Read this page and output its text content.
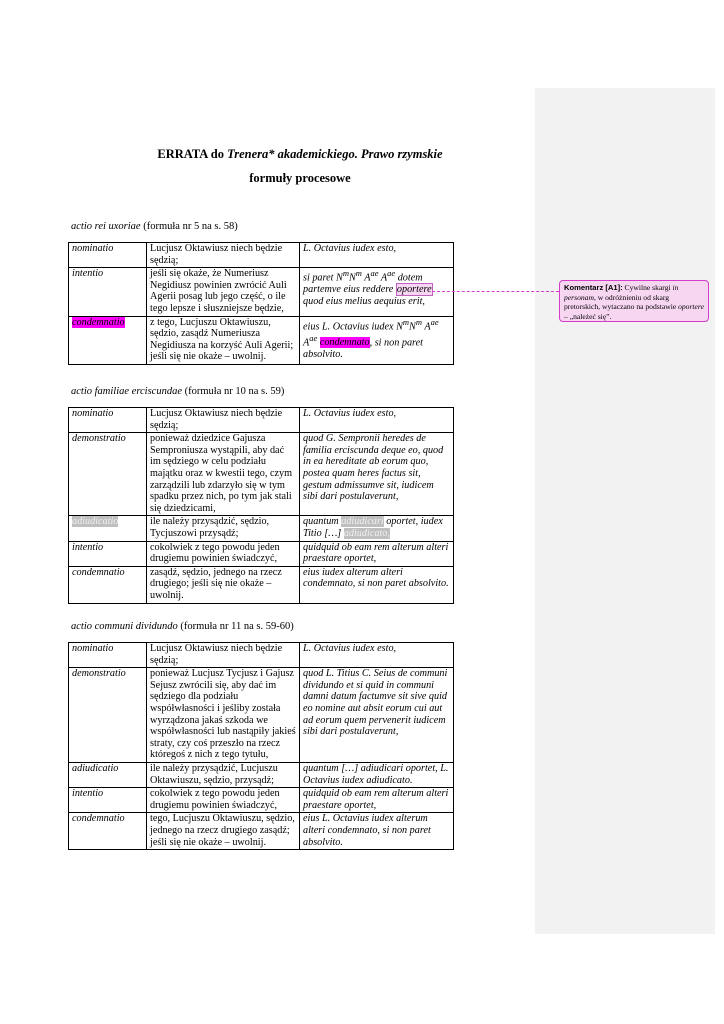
ERRATA do Trenera* akademickiego. Prawo rzymskie
formuły procesowe
actio rei uxoriae (formuła nr 5 na s. 58)
nominatio	Lucjusz Oktawiusz niech będzie sędzią;	L. Octavius iudex esto,
intentio	jeśli się okaże, że Numeriusz Negidiusz powinien zwrócić Auli Agerii posag lub jego część, o ile tego lepsze i słuszniejsze będzie,	si paret $N^mN^m$ $A^{ae}$ $A^{ae}$ dotem partemve eius reddere oportere quod eius melius aequius erit,
condemnatio	z tego, Lucjuszu Oktawiuszu, sędzio, zasądź Numeriusza Negidiusza na korzyść Auli Agerii; jeśli się nie okaże – uwolnij.	eius L. Octavius iudex $N^mN^m$ $A^{ae}$ $A^{ae}$ condemnato, si non paret absolvito.
actio familiae erciscundae (formuła nr 10 na s. 59)
nominatio	Lucjusz Oktawiusz niech będzie sędzią;	L. Octavius iudex esto,
demonstratio	ponieważ dziedzice Gajusza Semproniusza wystąpili, aby dać im sędziego w celu podziału majątku oraz w kwestii tego, czym zarządzili lub zdarzyło się w tym spadku przez nich, po tym jak stali się dziedzicami,	quod G. Sempronii heredes de familia erciscunda deque eo, quod in ea hereditate ab eorum quo, postea quam heres factus sit, gestum admissumve sit, iudicem sibi dari postulaverunt,
adiudicatio	ile należy przysądzić, sędzio, Tycjuszowi przysądź;	quantum adiudicari oportet, iudex Titio […] adiudicato,
intentio	cokolwiek z tego powodu jeden drugiemu powinien świadczyć,	quidquid ob eam rem alterum alteri praestare oportet,
condemnatio	zasądź, sędzio, jednego na rzecz drugiego; jeśli się nie okaże – uwolnij.	eius iudex alterum alteri condemnato, si non paret absolvito.
actio communi dividundo (formuła nr 11 na s. 59-60)
nominatio	Lucjusz Oktawiusz niech będzie sędzią;	L. Octavius iudex esto,
demonstratio	ponieważ Lucjusz Tycjusz i Gajusz Sejusz zwrócili się, aby dać im sędziego dla podziału współwłasności i jeśliby została wyrządzona jakaś szkoda we współwłasności lub nastąpiły jakieś straty, czy coś przeszło na rzecz któregoś z nich z tego tytułu,	quod L. Titius C. Seius de communi dividundo et si quid in communi damni datum factumve sit sive quid eo nomine aut absit eorum cui aut ad eorum quem pervenerit iudicem sibi dari postulaverunt,
adiudicatio	ile należy przysądzić, Lucjuszu Oktawiuszu, sędzio, przysądź;	quantum […] adiudicari oportet, L. Octavius iudex adiudicato.
intentio	cokolwiek z tego powodu jeden drugiemu powinien świadczyć,	quidquid ob eam rem alterum alteri praestare oportet,
condemnatio	tego, Lucjuszu Oktawiuszu, sędzio, jednego na rzecz drugiego zasądź; jeśli się nie okaże – uwolnij.	eius L. Octavius iudex alterum alteri condemnato, si non paret absolvito.
Komentarz [A1]: Cywilne skargi in personam, w odróżnieniu od skarg pretorskich, wytaczano na podstawie oportere – „należeć się”.
